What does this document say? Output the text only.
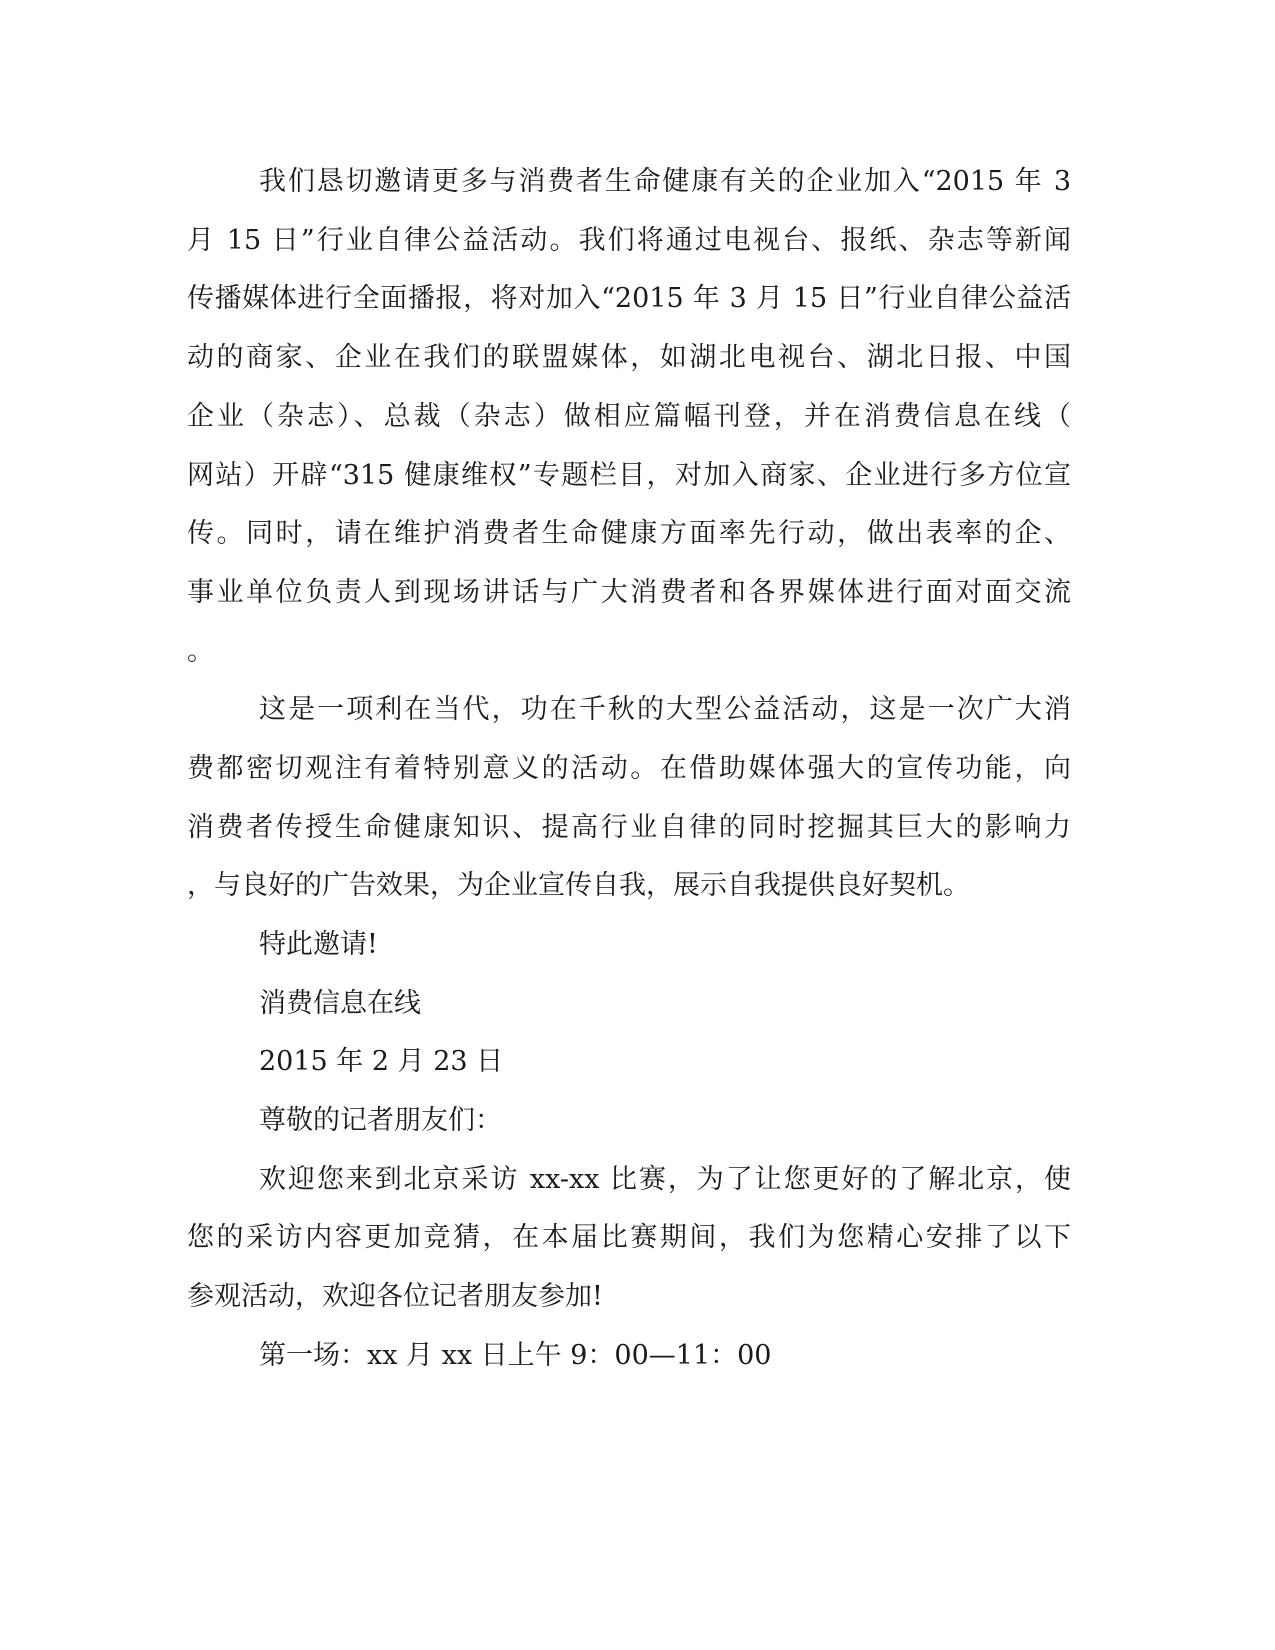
我们恳切邀请更多与消费者生命健康有关的企业加入“2015 年 3
月 15 日”行业自律公益活动。我们将通过电视台、报纸、杂志等新闻
传播媒体进行全面播报，将对加入“2015 年 3 月 15 日”行业自律公益活
动的商家、企业在我们的联盟媒体，如湖北电视台、湖北日报、中国
企业（杂志）、总裁（杂志）做相应篇幅刊登，并在消费信息在线（
网站）开辟“315 健康维权”专题栏目，对加入商家、企业进行多方位宣
传。同时，请在维护消费者生命健康方面率先行动，做出表率的企、
事业单位负责人到现场讲话与广大消费者和各界媒体进行面对面交流
。
这是一项利在当代，功在千秋的大型公益活动，这是一次广大消
费都密切观注有着特别意义的活动。在借助媒体强大的宣传功能，向
消费者传授生命健康知识、提高行业自律的同时挖掘其巨大的影响力
，与良好的广告效果，为企业宣传自我，展示自我提供良好契机。
特此邀请!
消费信息在线
2015 年 2 月 23 日
尊敬的记者朋友们：
欢迎您来到北京采访 xx-xx 比赛，为了让您更好的了解北京，使
您的采访内容更加竞猜，在本届比赛期间，我们为您精心安排了以下
参观活动，欢迎各位记者朋友参加!
第一场：xx 月 xx 日上午 9：00—11：00
